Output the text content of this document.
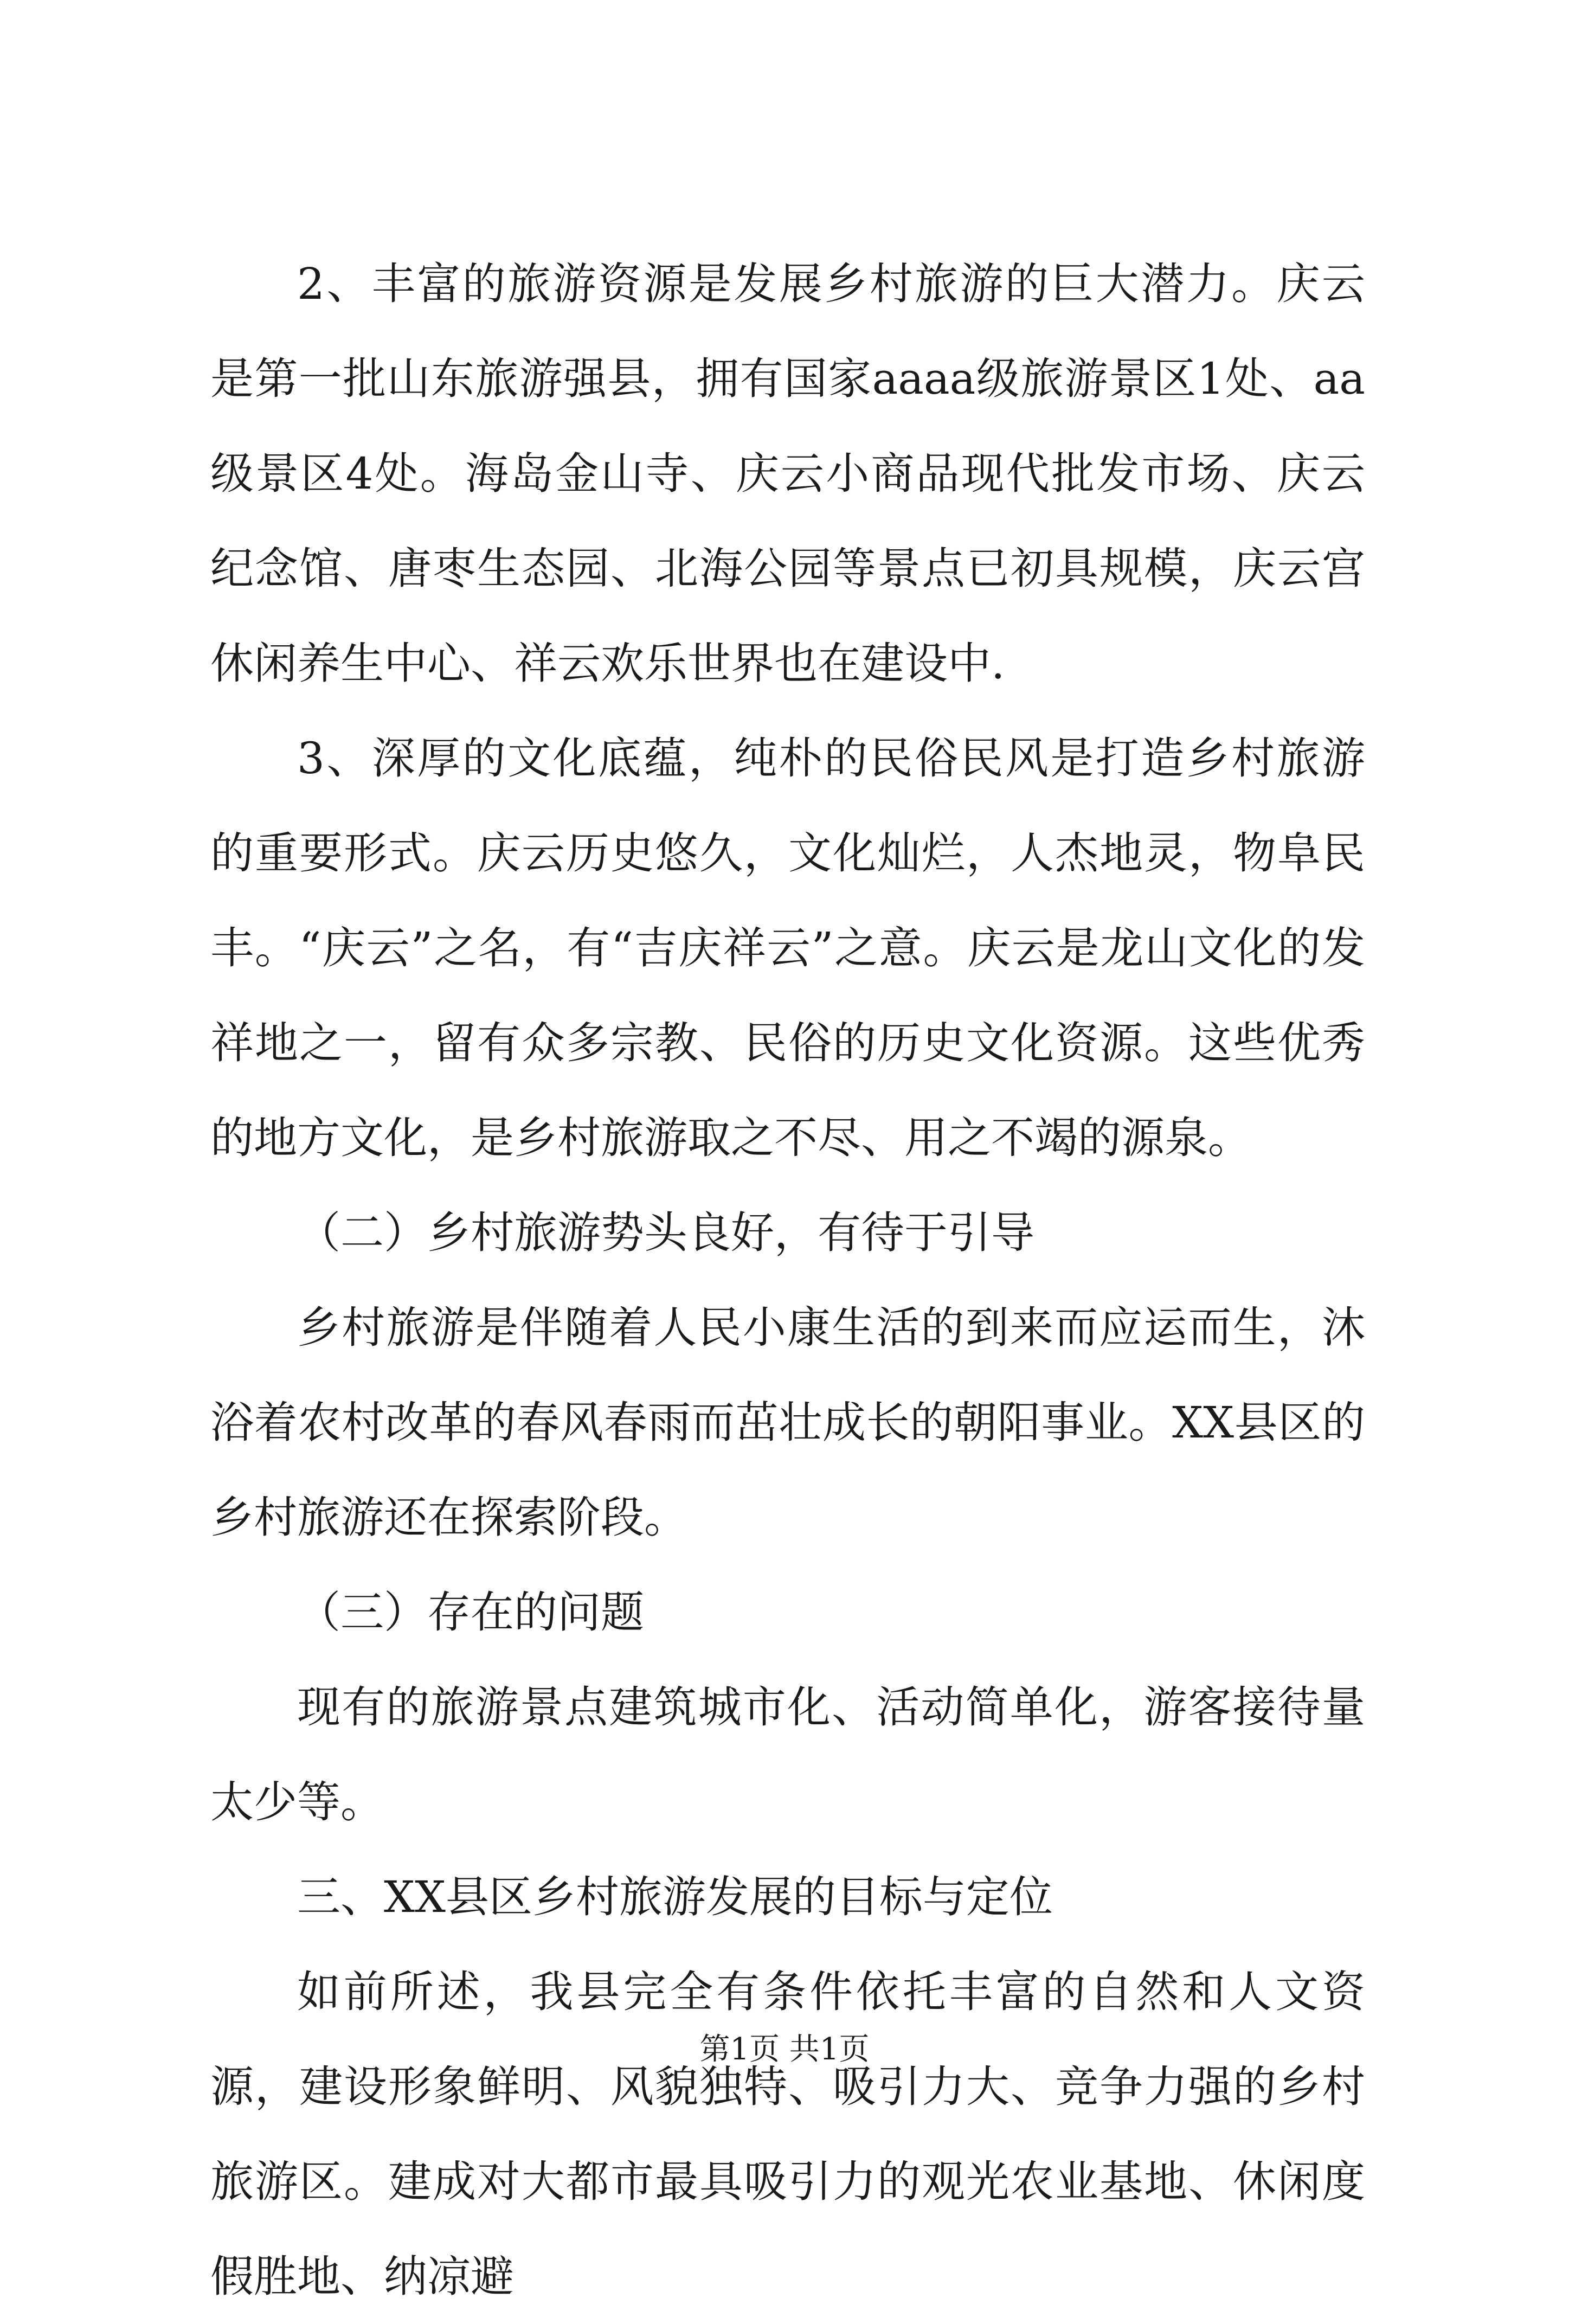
2、丰富的旅游资源是发展乡村旅游的巨大潜力。庆云是第一批山东旅游强县，拥有国家aaaa级旅游景区1处、aa级景区4处。海岛金山寺、庆云小商品现代批发市场、庆云纪念馆、唐枣生态园、北海公园等景点已初具规模，庆云宫休闲养生中心、祥云欢乐世界也在建设中.

3、深厚的文化底蕴，纯朴的民俗民风是打造乡村旅游的重要形式。庆云历史悠久，文化灿烂，人杰地灵，物阜民丰。“庆云”之名，有“吉庆祥云”之意。庆云是龙山文化的发祥地之一，留有众多宗教、民俗的历史文化资源。这些优秀的地方文化，是乡村旅游取之不尽、用之不竭的源泉。

（二）乡村旅游势头良好，有待于引导

乡村旅游是伴随着人民小康生活的到来而应运而生，沐浴着农村改革的春风春雨而茁壮成长的朝阳事业。XX县区的乡村旅游还在探索阶段。

（三）存在的问题

现有的旅游景点建筑城市化、活动简单化，游客接待量太少等。

三、XX县区乡村旅游发展的目标与定位

如前所述，我县完全有条件依托丰富的自然和人文资源，建设形象鲜明、风貌独特、吸引力大、竞争力强的乡村旅游区。建成对大都市最具吸引力的观光农业基地、休闲度假胜地、纳凉避

第1页 共1页
